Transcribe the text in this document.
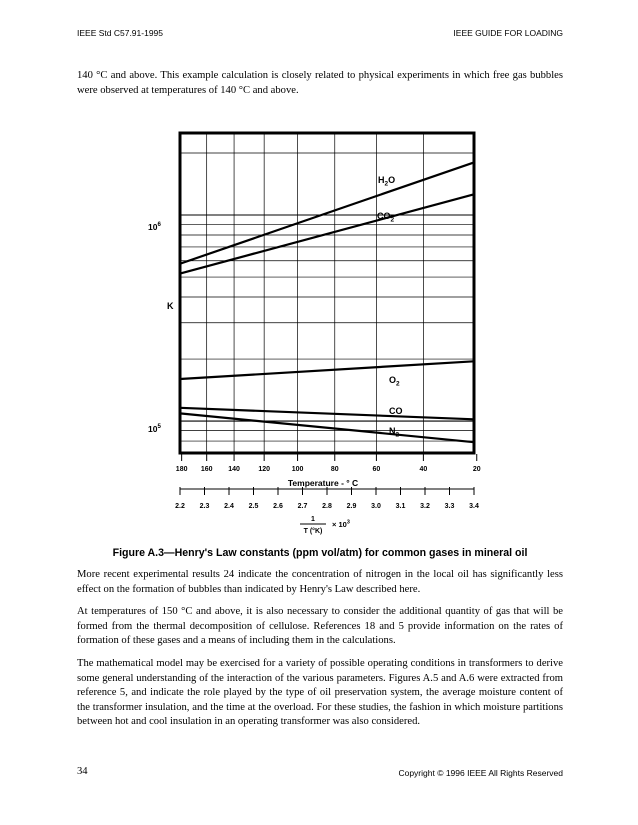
IEEE Std C57.91-1995	IEEE GUIDE FOR LOADING

140 °C and above. This example calculation is closely related to physical experiments in which free gas bubbles were observed at temperatures of 140 °C and above.

$H_2O$
$CO_2$
$O_2$
CO
$N_2$
$10^6$
$10^5$
K
180 160 140	120	100	80	60	40	20
Temperature - ° C
2.2 2.3 2.4 2.5 2.6 2.7 2.8 2.9 3.0 3.1 3.2 3.3 3.4
1
T (°K)
× $10^3$
Figure A.3—Henry's Law constants (ppm vol/atm) for common gases in mineral oil

More recent experimental results 24 indicate the concentration of nitrogen in the local oil has significantly less effect on the formation of bubbles than indicated by Henry's Law described here.

At temperatures of 150 °C and above, it is also necessary to consider the additional quantity of gas that will be formed from the thermal decomposition of cellulose. References 18 and 5 provide information on the rates of formation of these gases and a means of including them in the calculations.

The mathematical model may be exercised for a variety of possible operating conditions in transformers to derive some general understanding of the interaction of the various parameters. Figures A.5 and A.6 were extracted from reference 5, and indicate the role played by the type of oil preservation system, the average moisture content of the transformer insulation, and the time at the overload. For these studies, the fashion in which moisture partitions between hot and cool insulation in an operating transformer was also considered.

34	Copyright © 1996 IEEE All Rights Reserved
